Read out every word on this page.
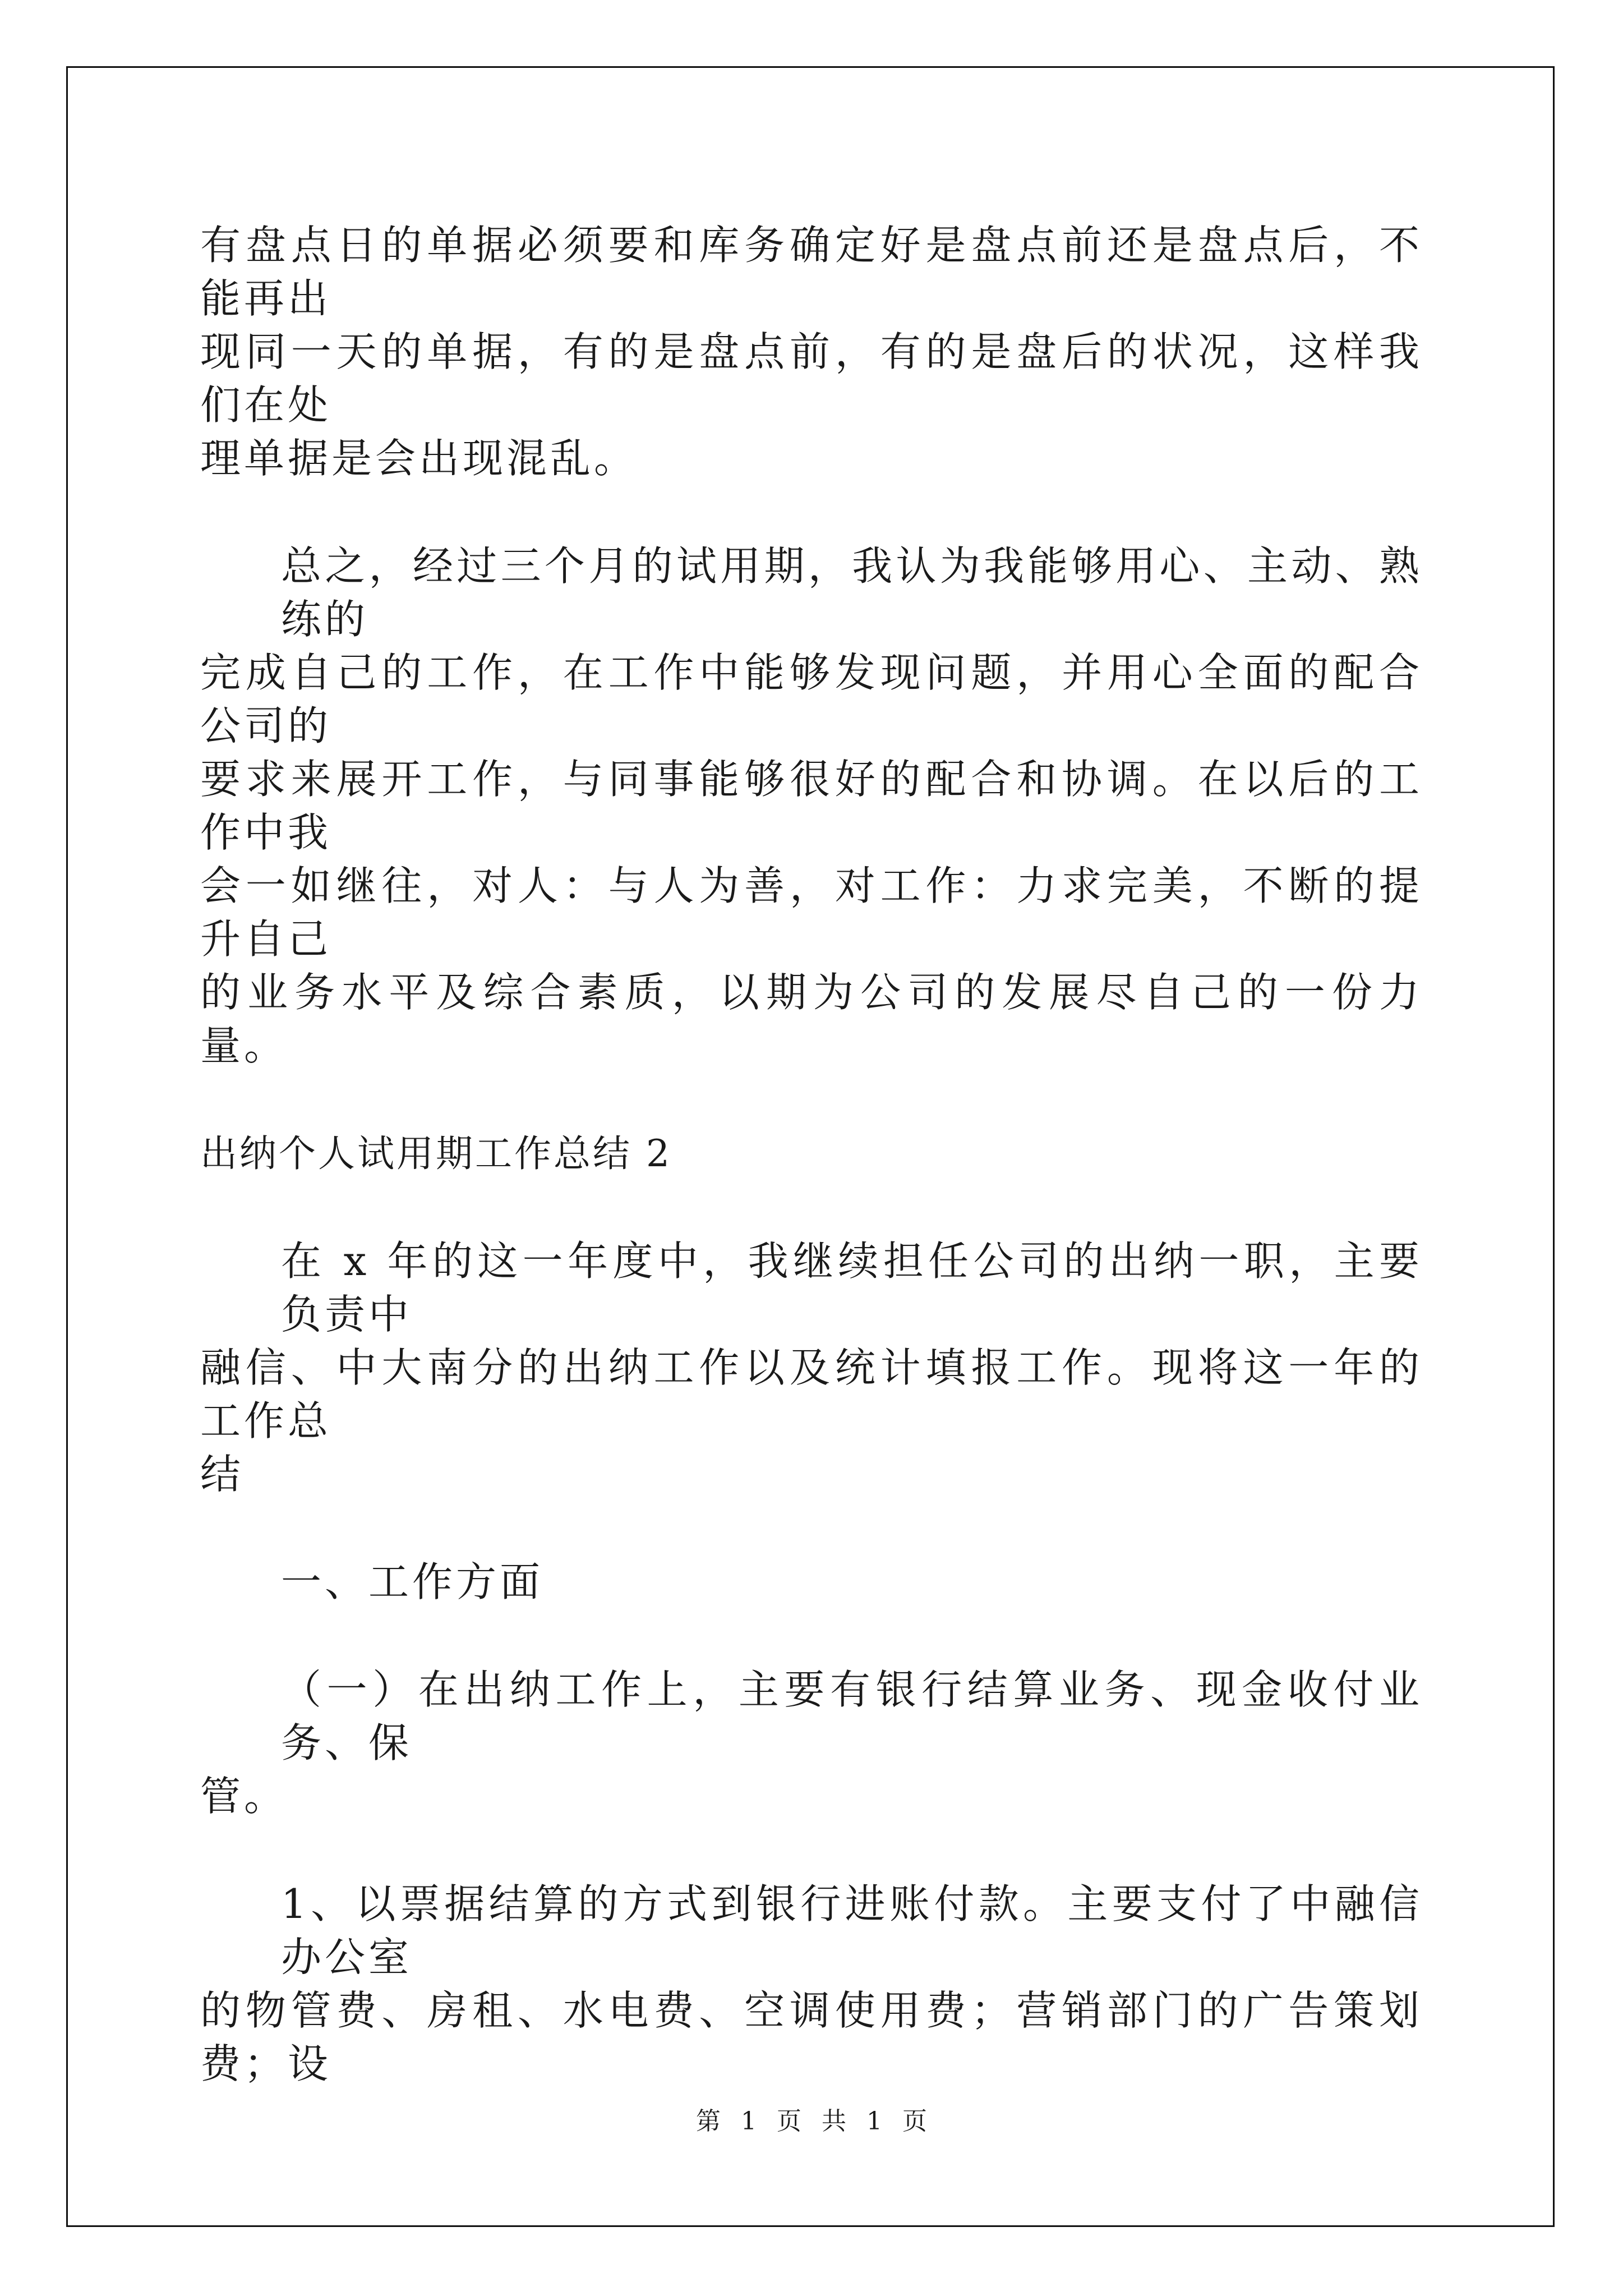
有盘点日的单据必须要和库务确定好是盘点前还是盘点后，不能再出
现同一天的单据，有的是盘点前，有的是盘后的状况，这样我们在处
理单据是会出现混乱。

总之，经过三个月的试用期，我认为我能够用心、主动、熟练的
完成自己的工作，在工作中能够发现问题，并用心全面的配合公司的
要求来展开工作，与同事能够很好的配合和协调。在以后的工作中我
会一如继往，对人：与人为善，对工作：力求完美，不断的提升自己
的业务水平及综合素质，以期为公司的发展尽自己的一份力量。

出纳个人试用期工作总结 2

在 x 年的这一年度中，我继续担任公司的出纳一职，主要负责中
融信、中大南分的出纳工作以及统计填报工作。现将这一年的工作总
结

一、工作方面

（一）在出纳工作上，主要有银行结算业务、现金收付业务、保
管。

1、以票据结算的方式到银行进账付款。主要支付了中融信办公室
的物管费、房租、水电费、空调使用费；营销部门的广告策划费；设

第 1 页 共 1 页
